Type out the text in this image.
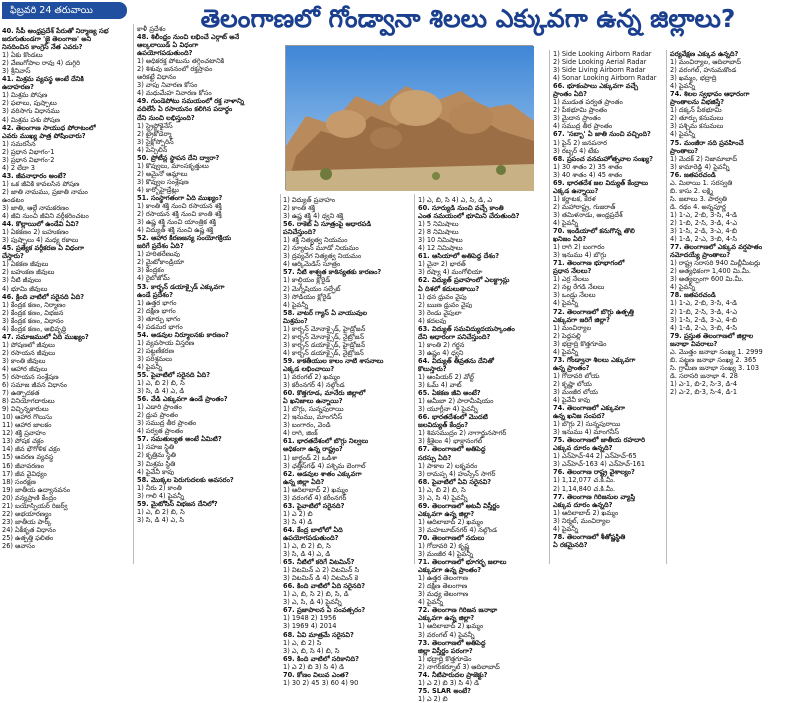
ఫిబ్రవరి 24 తరువాయి	తెలంగాణలో గోండ్వానా శిలలు ఎక్కువగా ఉన్న జిల్లాలు?

40. సీపీ ఆంధ్రప్రదేశ్ పేరుతో నిర్మాణ్య సభ

జరుగుతుండగా 'జై తెలంగాణ' అని

నినదించిన కాంగ్రెస్ నేత ఎవరు?

1) ఏకు కొండలు

2) వేణుగోపాల రావు 4) దుగ్గిరి

3) శ్రీనివాస్

41. మిశ్రమ వ్యవస్థ అంటే దేనికి

ఉదాహరణ?

1) మిశ్రమ పోషణ

2) ఫలాలు, పుష్పాలు

3) వరిసాగు విధానము

4) మిశ్రమ పశు పోషణ

42. తెలంగాణ సాయుధ పోరాటంలో

ఎవరు ముఖ్య పాత్ర పోషించారు?

1) సమరసేన

2) ప్రధాన విభాగం-1

3) ప్రధాన విభాగం-2

4) 2 లేదా 3

43. జీవనాధారం అంటే?

1) ఒక జీవికి కావలసిన పోషణ

2) జాతి నామము, ప్రజాతి నామం

ఉండటం

3) జాతి, ఆల్గే నామకరణం

4) జీవి నుంచి జీవిని వర్గీకరించటం

44. కొల్లాయిలో ఉండేవి ఏవి?

1) ఏకకణం 2) బహుకణం

3) పుష్పాలు 4) మధ్య రకాలు

45. ప్రత్యేక వర్గీకరణ ఏ విధంగా

చేస్తారు?

1) ఏకకణ జీవులు

2) బహుకణ జీవులు

3) నీటి జీవులు

4) భూమి జీవులు

46. క్రింది వాటిలో సరైనది ఏది?

1) కేంద్రక కణం, నిర్మాణం

2) కేంద్రక కణం, విభజన

3) కేంద్రక కణం, విధానం

4) కేంద్రక కణం, అభివృద్ధి

47. సమాజములో ఏది ముఖ్యం?

1) పోషణలో జీవులు

2) రసాయన జీవులు

3) కాంతి జీవులు

4) ఆహార జీవులు

5) రసాయన సంశ్లేషణ

6) సమాజ జీవన విధానం

7) ఉత్పాదకత

8) వినియోగదారులు

9) విచ్ఛిన్నకారులు

10) ఆహార గొలుసు

11) ఆహార జాలకం

12) శక్తి ప్రవాహం

13) పోషక చక్రం

14) జీవ భౌగోళిక చక్రం

15) ఆవరణ వ్యవస్థ

16) జీవావరణం

17) జీవ వైవిధ్యం

18) సంరక్షణ

19) జాతీయ ఉద్యానవనం

20) వన్యప్రాణి కేంద్రం

21) బయోస్ఫియర్ రిజర్వ్

22) అభయారణ్యం

23) జాతీయ పార్క్

24) ఏకీకృత విధానం

25) ఉత్పత్తి ఫలితం

26) ఆవాసం

కాళీ ప్రదేశం

48. శిలీంధ్రం నుంచి లభించే ఎర్గాట్ అనే

ఆల్కలాయిడ్ ఏ విధంగా

ఉపయోగపడుతుంది?

1) అధికరక్త పోటును తగ్గించటానికి

2) శిశువు జననంలో రక్తస్రావం

అరికట్టే విధానం

3) వాపు నివారణ కోసం

4) మధుమేహ నివారణ కోసం

49. గుండెపోటు సమయంలో రక్త నాళాన్ని

వదిలేసే ఏ రసాయనం కలిగిన పదార్థం

దేని నుంచి లభిస్తుంది?

1) స్ట్రెప్టోకైనేస్

2) ట్రైకోడెర్మా

3) సైక్లోస్పోరిన్

4) పెన్సిలిన్

50. ప్రోటీన్ల స్థాపన దేని ద్వారా?

1) కొవ్వులు, మాంసకృత్తులు

2) అమైనో ఆమ్లాలు

3) కొవ్వుల సంశ్లేషణ

4) కార్బోహైడ్రేట్లు

51. సంస్థాగతంగా ఏది ముఖ్యం?

1) కాంతి శక్తి నుంచి రసాయన శక్తి

2) రసాయన శక్తి నుంచి కాంతి శక్తి

3) ఉష్ణ శక్తి నుంచి యాంత్రిక శక్తి

4) విద్యుత్ శక్తి నుంచి ఉష్ణ శక్తి

52. ఆహార కిరణజన్య సంయోగక్రియ

జరిగే ప్రదేశం ఏది?

1) హరితరేణువు

2) మైటోకాండ్రియా

3) కేంద్రకం

4) రైబోజోమ్

53. కార్బన్ డయాక్సైడ్ ఎక్కువగా

ఉండే ప్రదేశం?

1) ఉత్తర భాగం

2) దక్షిణ భాగం

3) తూర్పు భాగం

4) పడమర భాగం

54. అడవుల నిర్మూలనకు కారణం?

1) వ్యవసాయ విస్తరణ

2) పట్టణీకరణ

3) పరిశ్రమలు

4) పైవన్నీ

55. పైవాటిలో సరైనది ఏది?

1) ఎ, బి 2) బి, సి

3) సి, డి 4) ఎ, డి

56. వేడి ఎక్కువగా ఉండే ప్రాంతం?

1) ఎడారి ప్రాంతం

2) ధ్రువ ప్రాంతం

3) సముద్ర తీర ప్రాంతం

4) పర్వత ప్రాంతం

57. సమతుల్యత అంటే ఏమిటి?

1) సహజ స్థితి

2) కృత్రిమ స్థితి

3) మిశ్రమ స్థితి

4) పైవేవీ కావు

58. మొక్కల పెరుగుదలకు అవసరం?

1) నీరు 2) కాంతి

3) గాలి 4) పైవన్నీ

59. మైటోసిస్ విభజన దేనిలో?

1) ఎ, బి 2) బి, సి

3) సి, డి 4) ఎ, సి

1) విద్యుత్ ప్రవాహం

2) కాంతి శక్తి

3) ఉష్ణ శక్తి 4) ధ్వని శక్తి

56. రాకెట్ ఏ సూత్రంపై ఆధారపడి

పనిచేస్తుంది?

1) శక్తి నిత్యత్వ నియమం

2) న్యూటన్ మూడో నియమం

3) ద్రవ్యవేగ నిత్యత్వ నియమం

4) ఆర్కిమెడిస్ సూత్రం

57. నీటి శాశ్వత కాఠిన్యతకు కారణం?

1) కాల్షియం క్లోరైడ్

2) మెగ్నీషియం సల్ఫేట్

3) సోడియం క్లోరైడ్

4) పైవన్నీ

58. వాటర్ గ్యాస్ ఏ వాయువుల

మిశ్రమం?

1) కార్బన్ మోనాక్సైడ్, హైడ్రోజన్

2) కార్బన్ మోనాక్సైడ్, నైట్రోజన్

3) కార్బన్ డయాక్సైడ్, హైడ్రోజన్

4) కార్బన్ డయాక్సైడ్, నైట్రోజన్

59. కాకతీయుల కాలం నాటి శాసనాలు

ఎక్కడ లభించాయి?

1) వరంగల్ 2) ఖమ్మం

3) కరీంనగర్ 4) నల్గొండ

60. కొత్తగూడ, మానేరు జిల్లాలో

ఏ ఖనిజాలు ఉన్నాయి?

1) బొగ్గు, సున్నపురాయి

2) ఇనుము, మాంగనీస్

3) బంగారం, వెండి

4) రాగి, జింక్

61. భారతదేశంలో బొగ్గు నిల్వలు

అధికంగా ఉన్న రాష్ట్రం?

1) జార్ఖండ్ 2) ఒడిశా

3) ఛత్తీస్‌గఢ్ 4) పశ్చిమ బెంగాల్

62. అడవుల శాతం ఎక్కువగా

ఉన్న జిల్లా ఏది?

1) ఆదిలాబాద్ 2) ఖమ్మం

3) వరంగల్ 4) కరీంనగర్

63. పైవాటిలో సరైనది?

1) ఎ 2) బి

3) సి 4) డి

64. కేంద్ర బాలోలో ఏది

ఉపయోగపడుతుంది?

1) ఎ, బి 2) బి, సి

3) సి, డి 4) ఎ, డి

65. నీటిలో కరిగే విటమిన్?

1) విటమిన్ ఎ 2) విటమిన్ సి

3) విటమిన్ డి 4) విటమిన్ కె

66. కింది వాటిలో ఏది సరైనది?

1) ఎ, బి, సి 2) బి, సి, డి

3) ఎ, సి, డి 4) పైవన్నీ

67. ప్రజాపాలన ఏ సంవత్సరం?

1) 1948 2) 1956

3) 1969 4) 2014

68. ఏవి మాత్రమే సరైనవి?

1) ఎ, బి 2) సి

3) ఎ, బి, సి 4) బి, సి

69. కింది వాటిలో సరికానిది?

1) ఎ 2) బి 3) సి 4) డి

70. కోణం విలువ ఎంత?

1) 30 2) 45 3) 60 4) 90

1) ఎ, బి, సి 4) ఎ, సి, డి, ఎ

60. సూర్యుడి నుంచి వచ్చే కాంతి

ఎంత సమయంలో భూమిని చేరుతుంది?

1) 5 నిమిషాలు

2) 8 నిమిషాలు

3) 10 నిమిషాలు

4) 12 నిమిషాలు

61. ఆసియాలో అతిపెద్ద దేశం?

1) చైనా 2) భారత్

3) రష్యా 4) మంగోలియా

62. విద్యుత్ ప్రవాహంలో ఎలక్ట్రాన్లు

ఏ దిశలో కదులుతాయి?

1) ధన ధ్రువం వైపు

2) ఋణ ధ్రువం వైపు

3) రెండు వైపులా

4) కదలవు

63. విద్యుత్ సమవిద్యుదయస్కాంతం

దేని ఆధారంగా పనిచేస్తుంది?

1) కాంతి 2) గర్జన

3) ఉష్ణం 4) ధ్వని

64. విద్యుత్ తీవ్రతను దేనితో

కొలుస్తారు?

1) ఆంపియర్ 2) వోల్ట్

3) ఓమ్ 4) వాట్

65. ఏకకణ జీవి అంటే?

1) అమీబా 2) పారామీషియం

3) యూగ్లీనా 4) పైవన్నీ

66. భారతదేశంలో మొదటి

జలవిద్యుత్ కేంద్రం?

1) శివసముద్రం 2) నాగార్జునసాగర్

3) శ్రీశైలం 4) భాక్రానంగల్

67. తెలంగాణలో అతిపెద్ద

సరస్సు ఏది?

1) పాకాల 2) లక్నవరం

3) రామప్ప 4) హుస్సేన్ సాగర్

68. పైవాటిలో ఏవి సరైనవి?

1) ఎ, బి 2) బి, సి

3) ఎ, సి 4) పైవన్నీ

69. తెలంగాణలో అటవీ విస్తీర్ణం

ఎక్కువగా ఉన్న జిల్లా?

1) ఆదిలాబాద్ 2) ఖమ్మం

3) మహబూబ్‌నగర్ 4) నల్గొండ

70. తెలంగాణలో నదులు

1) గోదావరి 2) కృష్ణ

3) మంజీర 4) పైవన్నీ

71. తెలంగాణలో భూగర్భ జలాలు

ఎక్కువగా ఉన్న ప్రాంతం?

1) ఉత్తర తెలంగాణ

2) దక్షిణ తెలంగాణ

3) మధ్య తెలంగాణ

4) పైవన్నీ

72. తెలంగాణ గిరిజన జనాభా

ఎక్కువగా ఉన్న జిల్లా?

1) ఆదిలాబాద్ 2) ఖమ్మం

3) వరంగల్ 4) పైవన్నీ

73. తెలంగాణలో అతిపెద్ద

జిల్లా విస్తీర్ణం పరంగా?

1) భద్రాద్రి కొత్తగూడెం

2) నాగర్‌కర్నూల్ 3) ఆదిలాబాద్

74. నీటిపారుదల ప్రాజెక్టు?

1) ఎ 2) బి 3) సి 4) డి

75. SLAR అంటే?

1) ఎ 2) బి

1) Side Looking Airborn Radar

2) Side Looking Aerial Radar

3) Side Living Airborn Radar

4) Sonar Looking Airborn Radar

66. భూకంపాలు ఎక్కువగా వచ్చే

ప్రాంతం ఏది?

1) ముడుత పర్వత ప్రాంతం

2) పీఠభూమి ప్రాంతం

3) మైదాన ప్రాంతం

4) సముద్ర తీర ప్రాంతం

67. 'సబ్బా' ఏ జాతి నుంచి వచ్చింది?

1) పైన్ 2) జనపనార

3) రబ్బర్ 4) టేకు

68. ప్రపంచ వనమహోత్సవాల సంఖ్య?

1) 30 శాతం 2) 35 శాతం

3) 40 శాతం 4) 45 శాతం

69. భారతదేశ జల విద్యుత్ కేంద్రాలు

ఎక్కడ ఉన్నాయి?

1) కర్ణాటక, కేరళ

2) మహారాష్ట్ర, గుజరాత్

3) తమిళనాడు, ఆంధ్రప్రదేశ్

4) పైవన్నీ

70. ఇండియాలో కనుగొన్న తొలి

ఖనిజం ఏది?

1) రాగి 2) బంగారం

3) ఇనుము 4) బొగ్గు

71. తెలంగాణ భూభాగంలో

ప్రధాన నేలలు?

1) ఎర్ర నేలలు

2) నల్ల రేగడి నేలలు

3) ఒండ్రు నేలలు

4) పైవన్నీ

72. తెలంగాణలో బొగ్గు ఉత్పత్తి

ఎక్కువగా జరిగే జిల్లా?

1) మంచిర్యాల

2) పెద్దపల్లి

3) భద్రాద్రి కొత్తగూడెం

4) పైవన్నీ

73. గోండ్వానా శిలలు ఎక్కువగా

ఉన్న ప్రాంతం?

1) గోదావరి లోయ

2) కృష్ణా లోయ

3) మంజీర లోయ

4) పైవేవీ కావు

74. తెలంగాణలో ఎక్కువగా

ఉన్న ఖనిజ సంపద?

1) బొగ్గు 2) సున్నపురాయి

3) ఇనుము 4) మాంగనీస్

75. తెలంగాణలో జాతీయ రహదారి

ఎక్కువ దూరం ఉన్నది?

1) ఎన్‌హెచ్-44 2) ఎన్‌హెచ్-65

3) ఎన్‌హెచ్-163 4) ఎన్‌హెచ్-161

76. తెలంగాణ రాష్ట్ర వైశాల్యం?

1) 1,12,077 చ.కి.మీ.

2) 1,14,840 చ.కి.మీ.

77. తెలంగాణ గిరిజనుల వ్యాప్తి

ఎక్కువ దూరం ఉన్నది?

1) ఆదిలాబాద్ 2) ఖమ్మం

3) నిర్మల్, మంచిర్యాల

4) పైవన్నీ

78. తెలంగాణలో శీతోష్ణస్థితి

ఏ రకమైనది?

పర్యవేక్షణ ఎక్కువ ఉన్నది?

1) మంచిర్యాల, ఆదిలాబాద్

2) వరంగల్, హనుమకొండ

3) ఖమ్మం, భద్రాద్రి

4) పైవన్నీ

74. శిలల స్వభావం ఆధారంగా

ప్రాంతాలను విభజిస్తే?

1) దక్కన్ పీఠభూమి

2) తూర్పు కనుమలు

3) పశ్చిమ కనుమలు

4) పైవన్నీ

75. మంజీరా నది ప్రవహించే

ప్రాంతాలు?

1) మెదక్ 2) నిజామాబాద్

3) కామారెడ్డి 4) పైవన్నీ

76. జతపరచండి

ఎ. మిఠాయి 1. సరస్వతి

బి. కాసు 2. లక్ష్మి

సి. జలాలు 3. పార్వతి

డి. రథం 4. అన్నపూర్ణ

1) 1-ఎ, 2-బి, 3-సి, 4-డి

2) 1-బి, 2-సి, 3-డి, 4-ఎ

3) 1-సి, 2-డి, 3-ఎ, 4-బి

4) 1-డి, 2-ఎ, 3-బి, 4-సి

77. తెలంగాణలో ఎక్కువ వర్షపాతం

నమోదయ్యే ప్రాంతాలు?

1) రాష్ట్ర సరాసరి 940 మిల్లీమీటర్లు

2) అత్యధికంగా 1,400 మి.మీ.

3) అత్యల్పంగా 600 మి.మీ.

4) పైవన్నీ

78. జతపరచండి

1) 1-ఎ, 2-బి, 3-సి, 4-డి

2) 1-బి, 2-సి, 3-డి, 4-ఎ

3) 1-సి, 2-డి, 3-ఎ, 4-బి

4) 1-డి, 2-ఎ, 3-బి, 4-సి

79. ప్రస్తుత తెలంగాణలో జిల్లాల

జనాభా వివరాలు?

ఎ. మొత్తం జనాభా సంఖ్య 1. 2999

బి. పట్టణ జనాభా సంఖ్య 2. 365

సి. గ్రామీణ జనాభా సంఖ్య 3. 103

డి. సరాసరి జనాభా 4. 28

1) ఎ-1, బి-2, సి-3, డి-4

2) ఎ-2, బి-3, సి-4, డి-1
